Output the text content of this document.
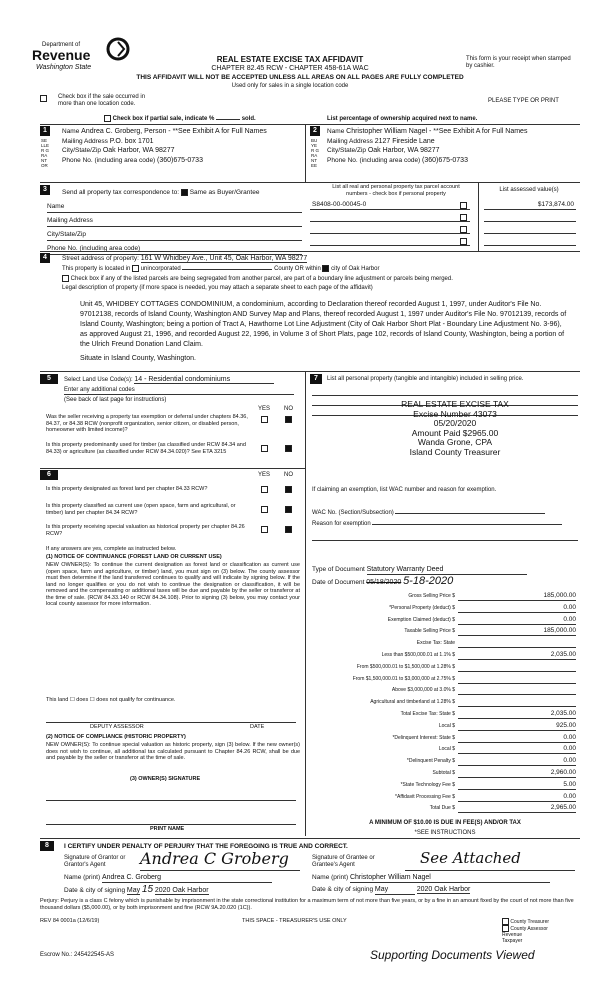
Department of
Revenue
Washington State
REAL ESTATE EXCISE TAX AFFIDAVIT
CHAPTER 82.45 RCW - CHAPTER 458-61A WAC
THIS AFFIDAVIT WILL NOT BE ACCEPTED UNLESS ALL AREAS ON ALL PAGES ARE FULLY COMPLETED
Used only for sales in a single location code
This form is your receipt when stamped by cashier.
PLEASE TYPE OR PRINT
Check box if the sale occurred in more than one location code.
Check box if partial sale, indicate %	sold.	List percentage of ownership acquired next to name.
1
SELLER GRANTOR
Name Andrea C. Groberg, Person - **See Exhibit A for Full Names
Mailing Address P.O. box 1701
City/State/Zip Oak Harbor, WA 98277
Phone No. (including area code) (360)675-0733
2
BUYER GRANTEE
Name Christopher William Nagel - **See Exhibit A for Full Names
Mailing Address 2127 Fireside Lane
City/State/Zip Oak Harbor, WA 98277
Phone No. (including area code) (360)675-0733
3	Send all property tax correspondence to: Same as Buyer/Grantee
Name
Mailing Address
City/State/Zip
Phone No. (including area code)
List all real and personal property tax parcel account numbers - check box if personal property
List assessed value(s)
S8408-00-00045-0	$173,874.00
4	Street address of property: 161 W Whidbey Ave., Unit 45, Oak Harbor, WA 98277
This property is located in unincorporated	County OR within city of Oak Harbor
Check box if any of the listed parcels are being segregated from another parcel, are part of a boundary line adjustment or parcels being merged.
Legal description of property (if more space is needed, you may attach a separate sheet to each page of the affidavit)
Unit 45, WHIDBEY COTTAGES CONDOMINIUM, a condominium, according to Declaration thereof recorded August 1, 1997, under Auditor's File No. 97012138, records of Island County, Washington AND Survey Map and Plans, thereof recorded August 1, 1997 under Auditor's File No. 97012139, records of Island County, Washington; being a portion of Tract A, Hawthorne Lot Line Adjustment (City of Oak Harbor Short Plat - Boundary Line Adjustment No. 3-96), as approved August 21, 1996, and recorded August 22, 1996, in Volume 3 of Short Plats, page 102, records of Island County, Washington, being a portion of the Ulrich Freund Donation Land Claim.
Situate in Island County, Washington.
5	Select Land Use Code(s): 14 - Residential condominiums
Enter any additional codes
(See back of last page for instructions)
YES NO
Was the seller receiving a property tax exemption or deferral under chapters 84.36, 84.37, or 84.38 RCW (nonprofit organization, senior citizen, or disabled person, homeowner with limited income)?
Is this property predominantly used for timber (as classified under RCW 84.34 and 84.33) or agriculture (as classified under RCW 84.34.020)? See ETA 3215
6	YES NO
Is this property designated as forest land per chapter 84.33 RCW?
Is this property classified as current use (open space, farm and agricultural, or timber) land per chapter 84.34 RCW?
Is this property receiving special valuation as historical property per chapter 84.26 RCW?
If any answers are yes, complete as instructed below.
(1) NOTICE OF CONTINUANCE (FOREST LAND OR CURRENT USE)
NEW OWNER(S): To continue the current designation as forest land or classification as current use (open space, farm and agriculture, or timber) land, you must sign on (3) below. The county assessor must then determine if the land transferred continues to qualify and will indicate by signing below. If the land no longer qualifies or you do not wish to continue the designation or classification, it will be removed and the compensating or additional taxes will be due and payable by the seller or transferor at the time of sale. (RCW 84.33.140 or RCW 84.34.108). Prior to signing (3) below, you may contact your local county assessor for more information.
This land ☐ does ☐ does not qualify for continuance.
DEPUTY ASSESSOR	DATE
(2) NOTICE OF COMPLIANCE (HISTORIC PROPERTY)
NEW OWNER(S): To continue special valuation as historic property, sign (3) below. If the new owner(s) does not wish to continue, all additional tax calculated pursuant to Chapter 84.26 RCW, shall be due and payable by the seller or transferor at the time of sale.
(3) OWNER(S) SIGNATURE
PRINT NAME
7	List all personal property (tangible and intangible) included in selling price.
REAL ESTATE EXCISE TAX
Excise Number 43073
05/20/2020
Amount Paid $2965.00
Wanda Grone, CPA
Island County Treasurer
If claiming an exemption, list WAC number and reason for exemption.
WAC No. (Section/Subsection)
Reason for exemption
Type of Document Statutory Warranty Deed
Date of Document 05/18/2020 5-18-2020
Gross Selling Price $	185,000.00
*Personal Property (deduct) $	0.00
Exemption Claimed (deduct) $	0.00
Taxable Selling Price $	185,000.00
Excise Tax: State
Less than $500,000.01 at 1.1% $	2,035.00
From $500,000.01 to $1,500,000 at 1.28% $
From $1,500,000.01 to $3,000,000 at 2.75% $
Above $3,000,000 at 3.0% $
Agricultural and timberland at 1.28% $
Total Excise Tax: State $	2,035.00
Local $	925.00
*Delinquent Interest: State $	0.00
Local $	0.00
*Delinquent Penalty $	0.00
Subtotal $	2,960.00
*State Technology Fee $	5.00
*Affidavit Processing Fee $	0.00
Total Due $	2,965.00
A MINIMUM OF $10.00 IS DUE IN FEE(S) AND/OR TAX
*SEE INSTRUCTIONS
8	I CERTIFY UNDER PENALTY OF PERJURY THAT THE FOREGOING IS TRUE AND CORRECT.
Signature of Grantor or Grantor's Agent	Andrea C Groberg
Name (print) Andrea C. Groberg
Date & city of signing May 15 2020 Oak Harbor
Signature of Grantee or Grantee's Agent	See Attached
Name (print) Christopher William Nagel
Date & city of signing May	2020 Oak Harbor
Perjury: Perjury is a class C felony which is punishable by imprisonment in the state correctional institution for a maximum term of not more than five years, or by a fine in an amount fixed by the court of not more than five thousand dollars ($5,000.00), or by both imprisonment and fine (RCW 9A.20.020 (1C)).
REV 84 0001a (12/6/19)	THIS SPACE - TREASURER'S USE ONLY	County Treasurer
County Assessor
Revenue
Taxpayer
Escrow No.: 245422545-AS	Supporting Documents Viewed
